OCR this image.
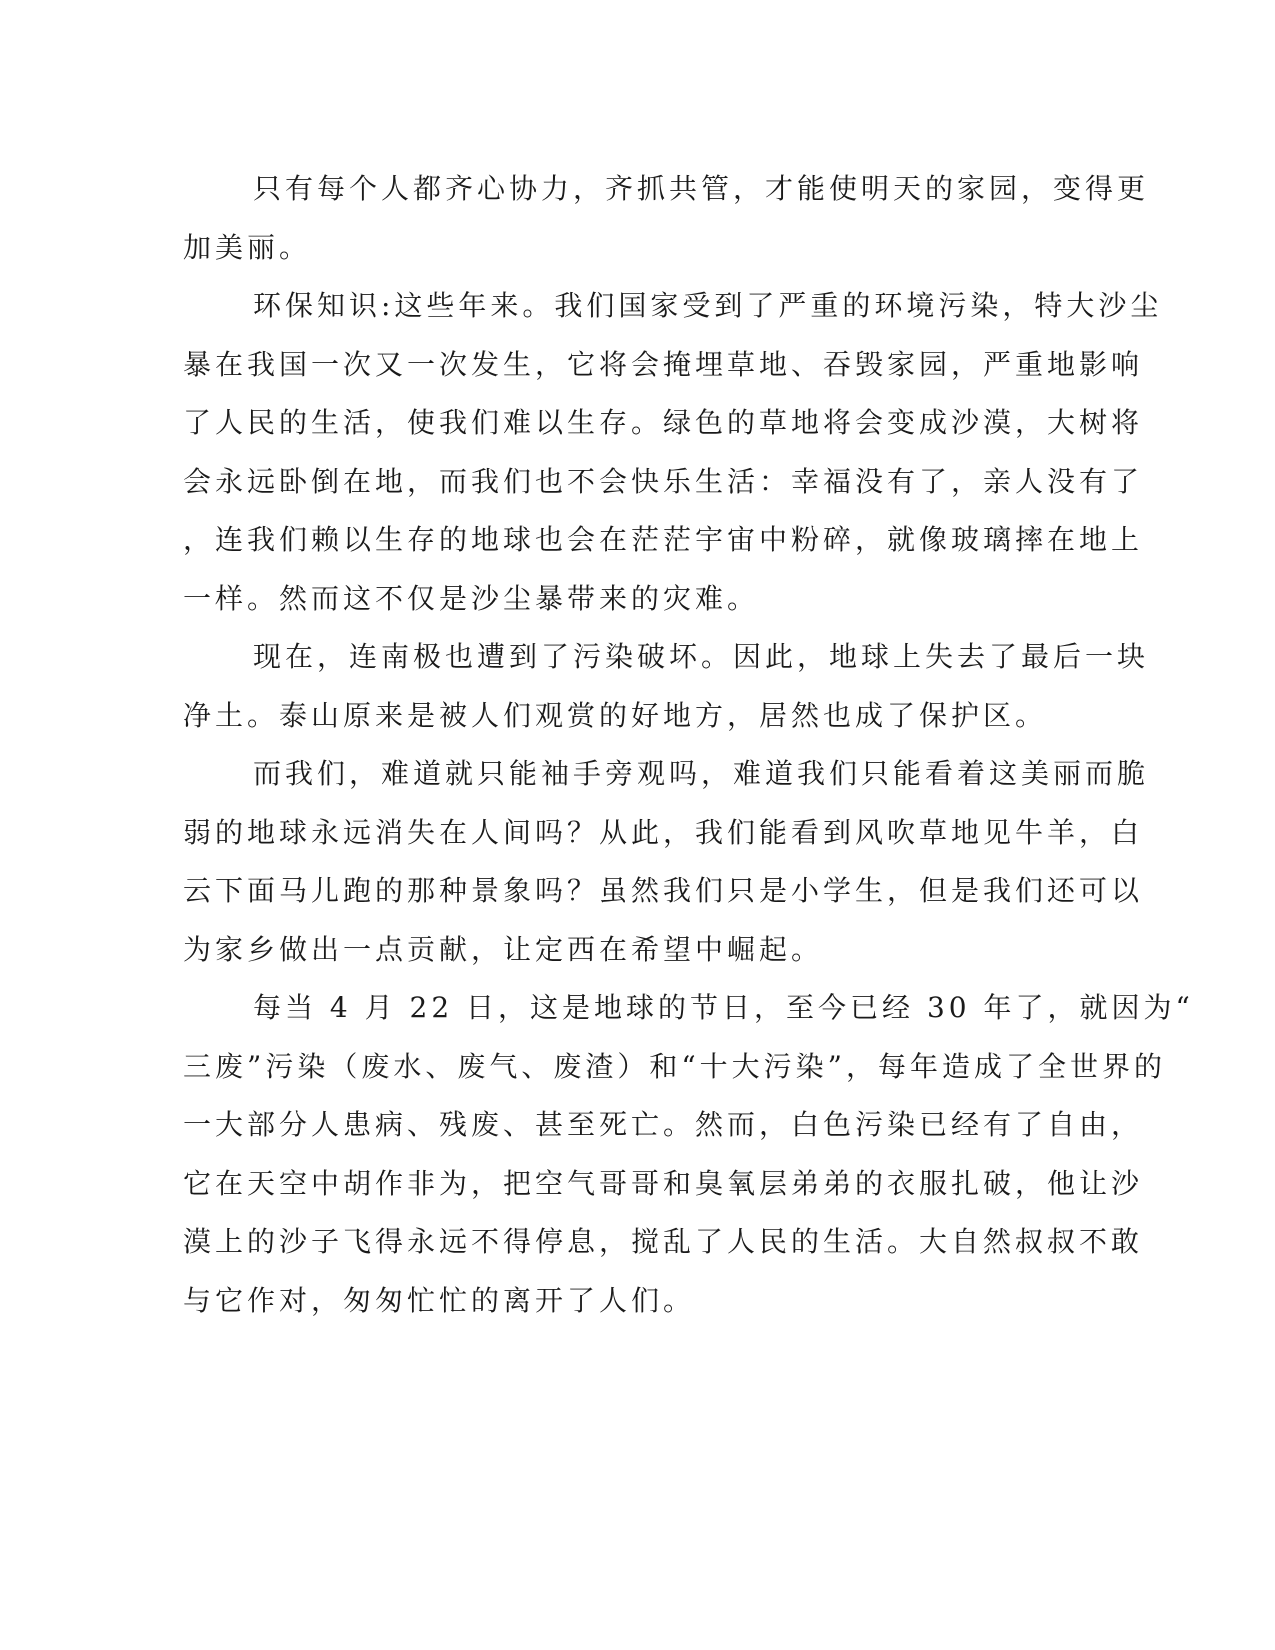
只有每个人都齐心协力，齐抓共管，才能使明天的家园，变得更
加美丽。
环保知识:这些年来。我们国家受到了严重的环境污染，特大沙尘
暴在我国一次又一次发生，它将会掩埋草地、吞毁家园，严重地影响
了人民的生活，使我们难以生存。绿色的草地将会变成沙漠，大树将
会永远卧倒在地，而我们也不会快乐生活：幸福没有了，亲人没有了
，连我们赖以生存的地球也会在茫茫宇宙中粉碎，就像玻璃摔在地上
一样。然而这不仅是沙尘暴带来的灾难。
现在，连南极也遭到了污染破坏。因此，地球上失去了最后一块
净土。泰山原来是被人们观赏的好地方，居然也成了保护区。
而我们，难道就只能袖手旁观吗，难道我们只能看着这美丽而脆
弱的地球永远消失在人间吗？从此，我们能看到风吹草地见牛羊，白
云下面马儿跑的那种景象吗？虽然我们只是小学生，但是我们还可以
为家乡做出一点贡献，让定西在希望中崛起。
每当 4 月 22 日，这是地球的节日，至今已经 30 年了，就因为“
三废”污染（废水、废气、废渣）和“十大污染”，每年造成了全世界的
一大部分人患病、残废、甚至死亡。然而，白色污染已经有了自由，
它在天空中胡作非为，把空气哥哥和臭氧层弟弟的衣服扎破，他让沙
漠上的沙子飞得永远不得停息，搅乱了人民的生活。大自然叔叔不敢
与它作对，匆匆忙忙的离开了人们。
